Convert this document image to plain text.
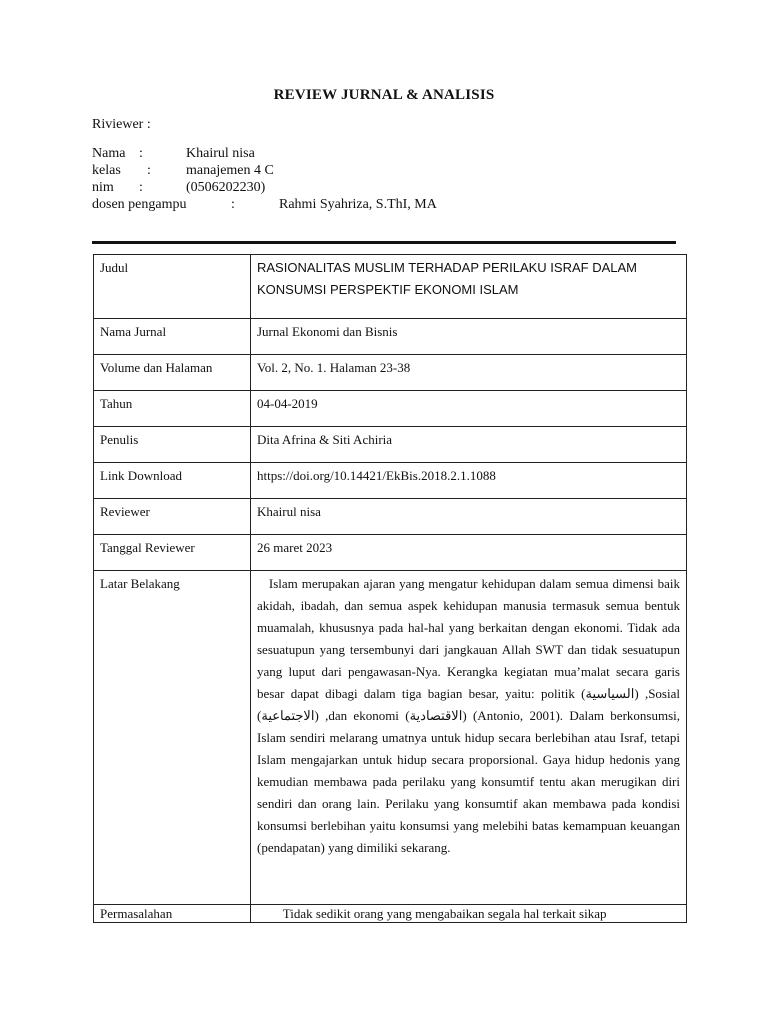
REVIEW JURNAL & ANALISIS
Riviewer :
Nama :	Khairul nisa
kelas :	manajemen 4 C
nim :	(0506202230)
dosen pengampu	:	Rahmi Syahriza, S.ThI, MA
Judul	RASIONALITAS MUSLIM TERHADAP PERILAKU ISRAF DALAM KONSUMSI PERSPEKTIF EKONOMI ISLAM
Nama Jurnal	Jurnal Ekonomi dan Bisnis
Volume dan Halaman	Vol. 2, No. 1. Halaman 23-38
Tahun	04-04-2019
Penulis	Dita Afrina & Siti Achiria
Link Download	https://doi.org/10.14421/EkBis.2018.2.1.1088
Reviewer	Khairul nisa
Tanggal Reviewer	26 maret 2023
Latar Belakang	Islam merupakan ajaran yang mengatur kehidupan dalam semua dimensi baik akidah, ibadah, dan semua aspek kehidupan manusia termasuk semua bentuk muamalah, khususnya pada hal-hal yang berkaitan dengan ekonomi. Tidak ada sesuatupun yang tersembunyi dari jangkauan Allah SWT dan tidak sesuatupun yang luput dari pengawasan-Nya. Kerangka kegiatan mua’malat secara garis besar dapat dibagi dalam tiga bagian besar, yaitu: politik (السياسية) ,Sosial (الاجتماعية) ,dan ekonomi (الاقتصادية) (Antonio, 2001). Dalam berkonsumsi, Islam sendiri melarang umatnya untuk hidup secara berlebihan atau Israf, tetapi Islam mengajarkan untuk hidup secara proporsional. Gaya hidup hedonis yang kemudian membawa pada perilaku yang konsumtif tentu akan merugikan diri sendiri dan orang lain. Perilaku yang konsumtif akan membawa pada kondisi konsumsi berlebihan yaitu konsumsi yang melebihi batas kemampuan keuangan (pendapatan) yang dimiliki sekarang.
Permasalahan	Tidak sedikit orang yang mengabaikan segala hal terkait sikap
